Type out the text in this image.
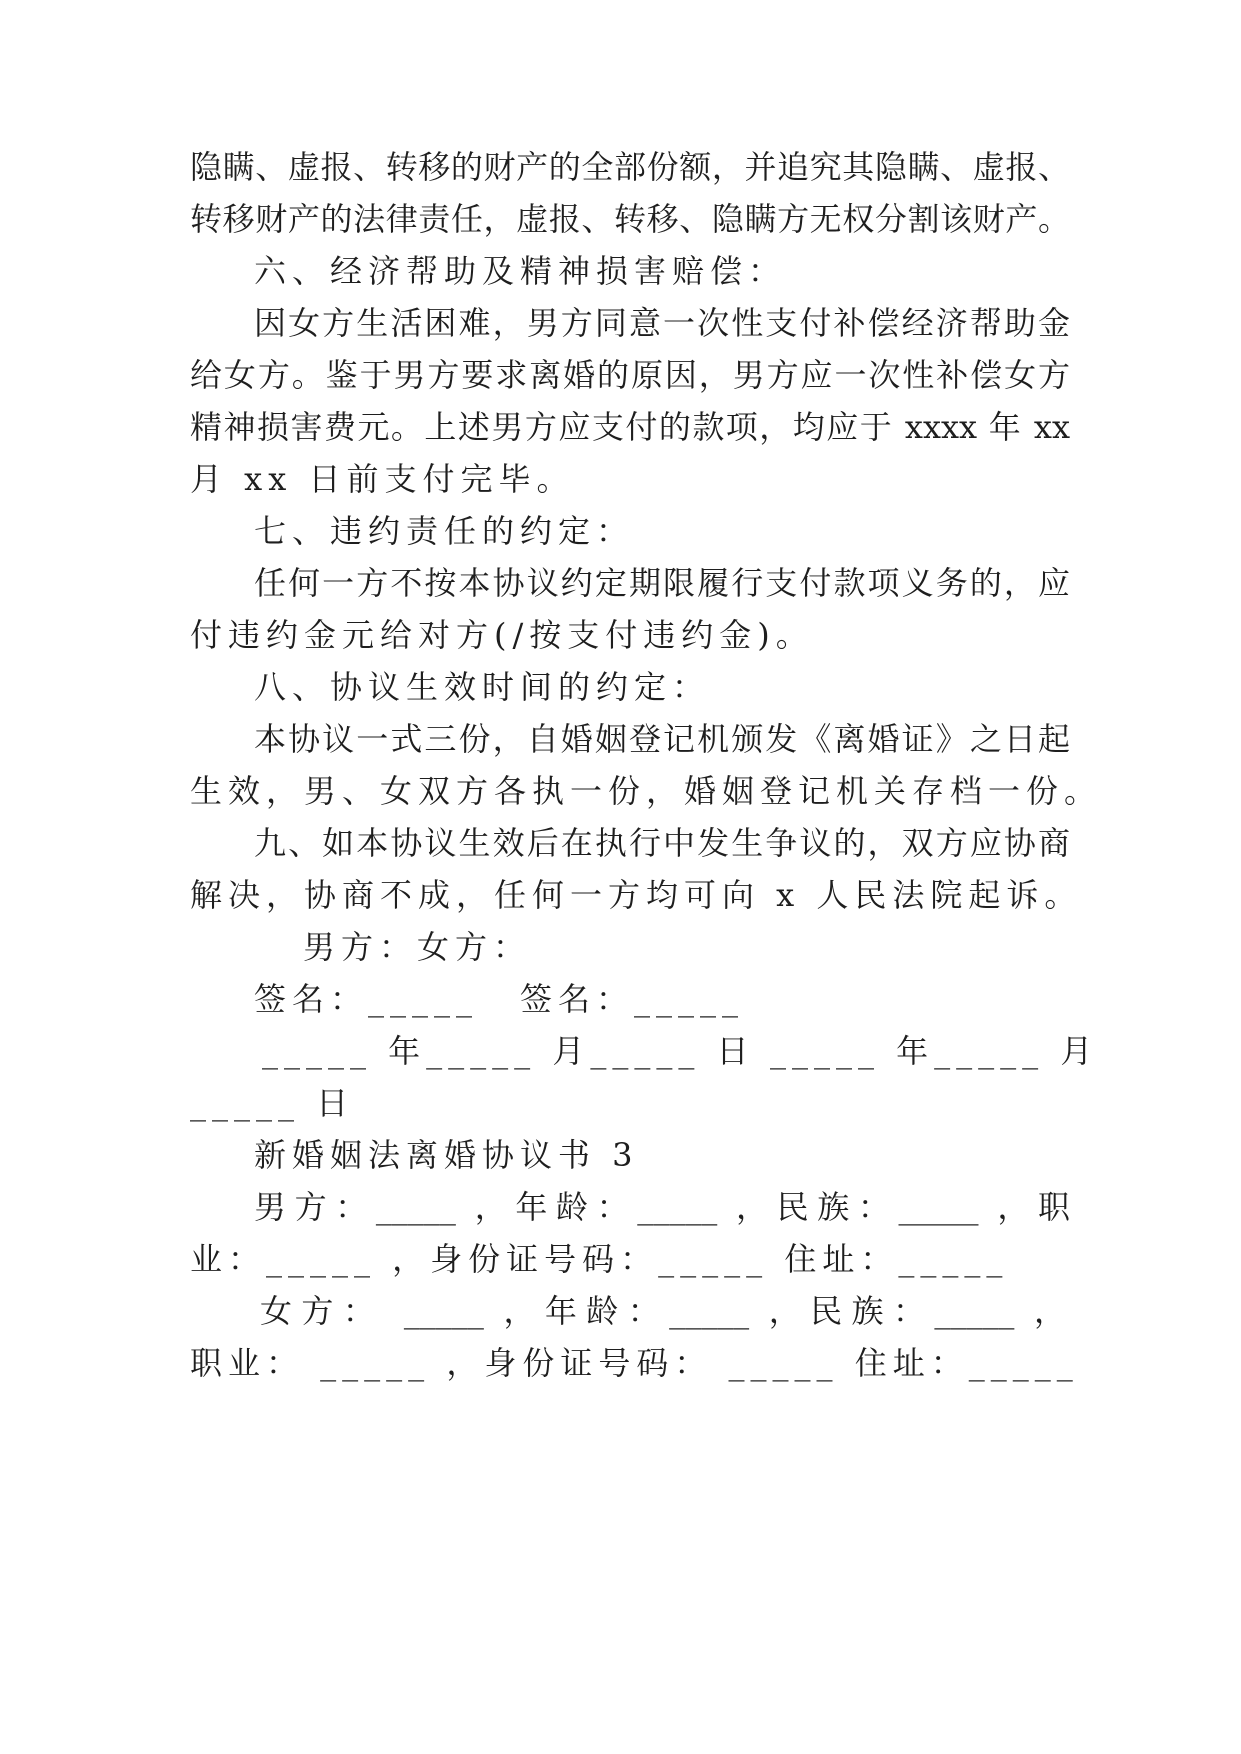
隐瞒、虚报、转移的财产的全部份额，并追究其隐瞒、虚报、
转移财产的法律责任，虚报、转移、隐瞒方无权分割该财产。
六、经济帮助及精神损害赔偿：
因女方生活困难，男方同意一次性支付补偿经济帮助金
给女方。鉴于男方要求离婚的原因，男方应一次性补偿女方
精神损害费元。上述男方应支付的款项，均应于 xxxx 年 xx
月 xx 日前支付完毕。
七、违约责任的约定：
任何一方不按本协议约定期限履行支付款项义务的，应
付违约金元给对方(/按支付违约金)。
八、协议生效时间的约定：
本协议一式三份，自婚姻登记机颁发《离婚证》之日起
生效，男、女双方各执一份，婚姻登记机关存档一份。
九、如本协议生效后在执行中发生争议的，双方应协商
解决，协商不成，任何一方均可向 x 人民法院起诉。
男方：女方：
签名：_____	签名：_____
_____ 年_____ 月_____ 日 _____ 年_____ 月
_____ 日
新婚姻法离婚协议书 3
男方：_____ ，年龄：_____ ，民族：_____ ，职
业：_____ ，身份证号码：_____ 住址：_____
女方： _____ ，年龄：_____ ，民族：_____ ，
职业： _____ ，身份证号码： _____ 住址：_____
